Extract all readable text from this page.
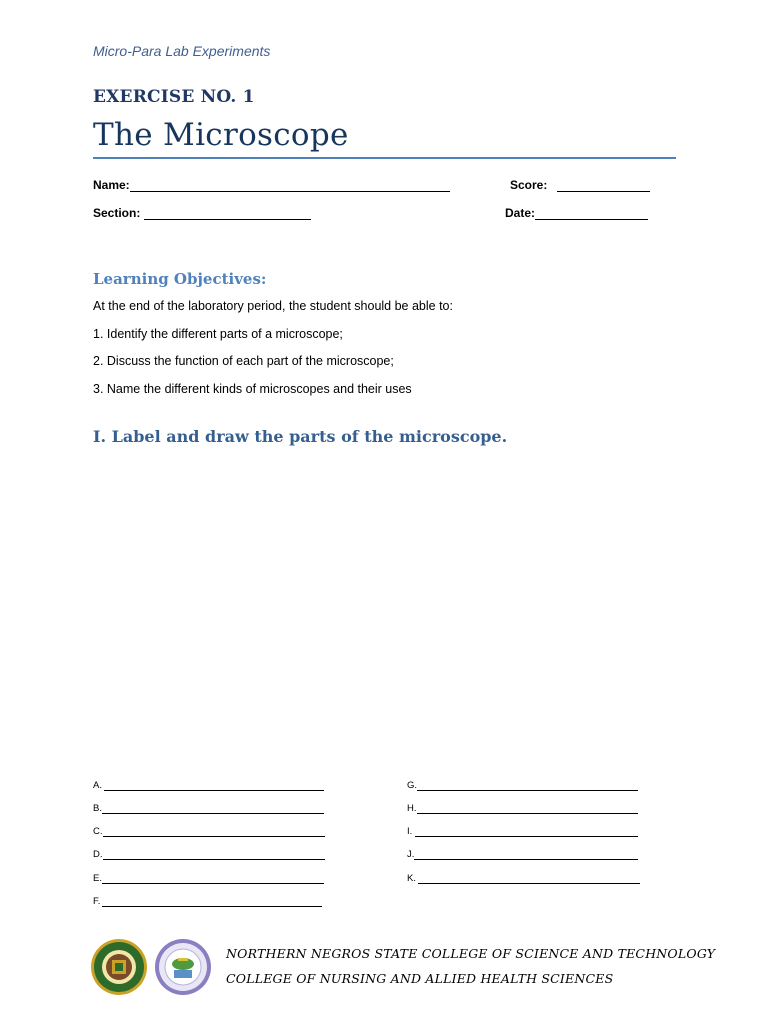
Micro-Para Lab Experiments
EXERCISE NO. 1
The Microscope
Name:	Score:
Section:	Date:
Learning Objectives:
At the end of the laboratory period, the student should be able to:
1. Identify the different parts of a microscope;
2. Discuss the function of each part of the microscope;
3. Name the different kinds of microscopes and their uses
I. Label and draw the parts of the microscope.
A.
B.
C.
D.
E.
F.
G.
H.
I.
J.
K.
NORTHERN NEGROS STATE COLLEGE OF SCIENCE AND TECHNOLOGY
COLLEGE OF NURSING AND ALLIED HEALTH SCIENCES
